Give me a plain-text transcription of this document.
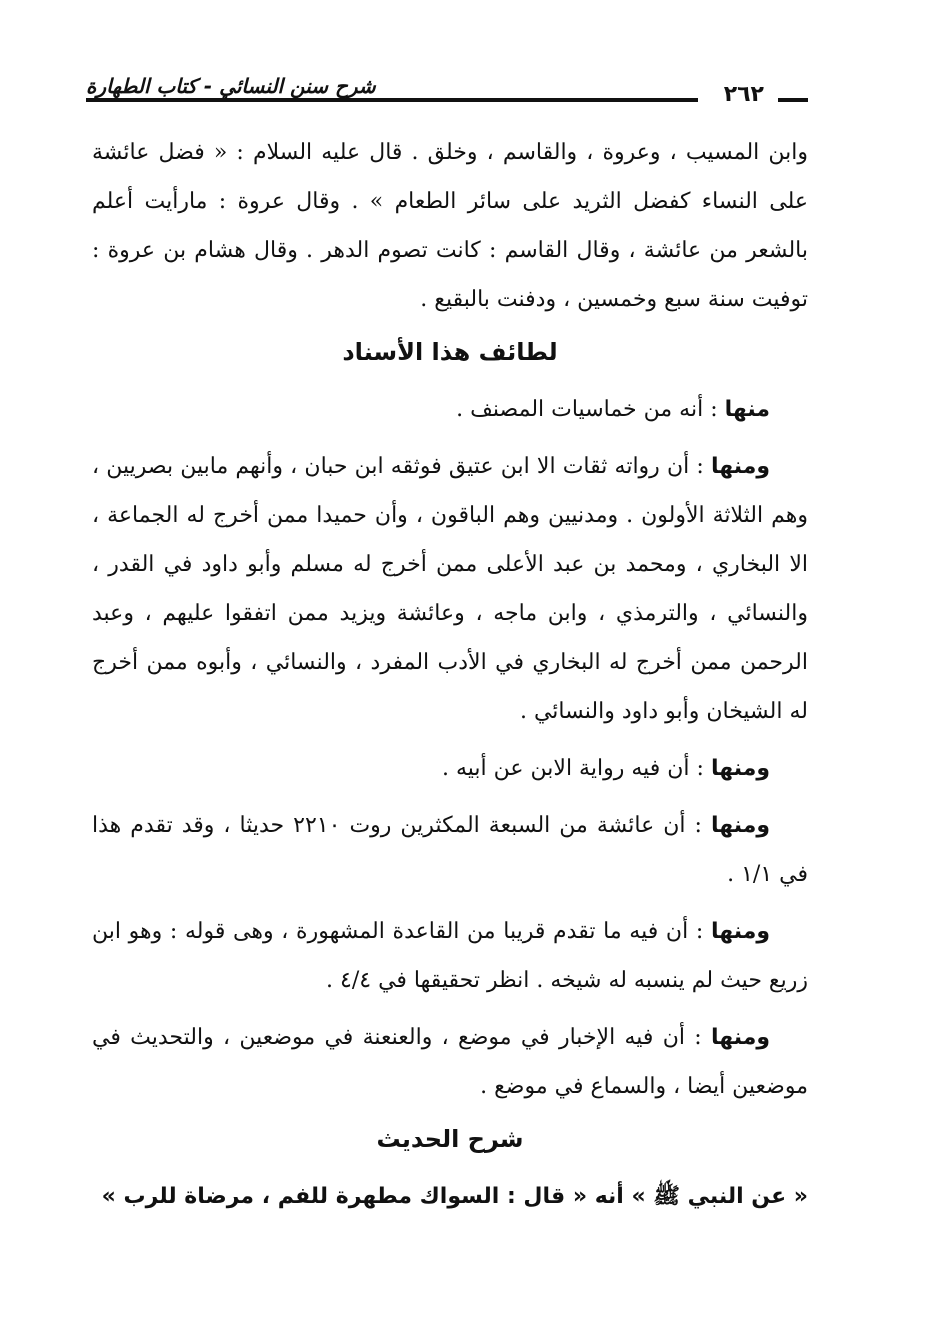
شرح سنن النسائي - كتاب الطهارة	٢٦٢

وابن المسيب ، وعروة ، والقاسم ، وخلق . قال عليه السلام : « فضل عائشة على النساء كفضل الثريد على سائر الطعام » . وقال عروة : مارأيت أعلم بالشعر من عائشة ، وقال القاسم : كانت تصوم الدهر . وقال هشام بن عروة : توفيت سنة سبع وخمسين ، ودفنت بالبقيع .

لطائف هذا الأسناد

منها : أنه من خماسيات المصنف .

ومنها : أن رواته ثقات الا ابن عتيق فوثقه ابن حبان ، وأنهم مابين بصريين ، وهم الثلاثة الأولون . ومدنيين وهم الباقون ، وأن حميدا ممن أخرج له الجماعة ، الا البخاري ، ومحمد بن عبد الأعلى ممن أخرج له مسلم وأبو داود في القدر ، والنسائي ، والترمذي ، وابن ماجه ، وعائشة ويزيد ممن اتفقوا عليهم ، وعبد الرحمن ممن أخرج له البخاري في الأدب المفرد ، والنسائي ، وأبوه ممن أخرج له الشيخان وأبو داود والنسائي .

ومنها : أن فيه رواية الابن عن أبيه .

ومنها : أن عائشة من السبعة المكثرين روت ٢٢١٠ حديثا ، وقد تقدم هذا في ١/١ .

ومنها : أن فيه ما تقدم قريبا من القاعدة المشهورة ، وهى قوله : وهو ابن زريع حيث لم ينسبه له شيخه . انظر تحقيقها في ٤/٤ .

ومنها : أن فيه الإخبار في موضع ، والعنعنة في موضعين ، والتحديث في موضعين أيضا ، والسماع في موضع .

شرح الحديث
« عن النبي ﷺ » أنه « قال : السواك مطهرة للفم ، مرضاة للرب »
